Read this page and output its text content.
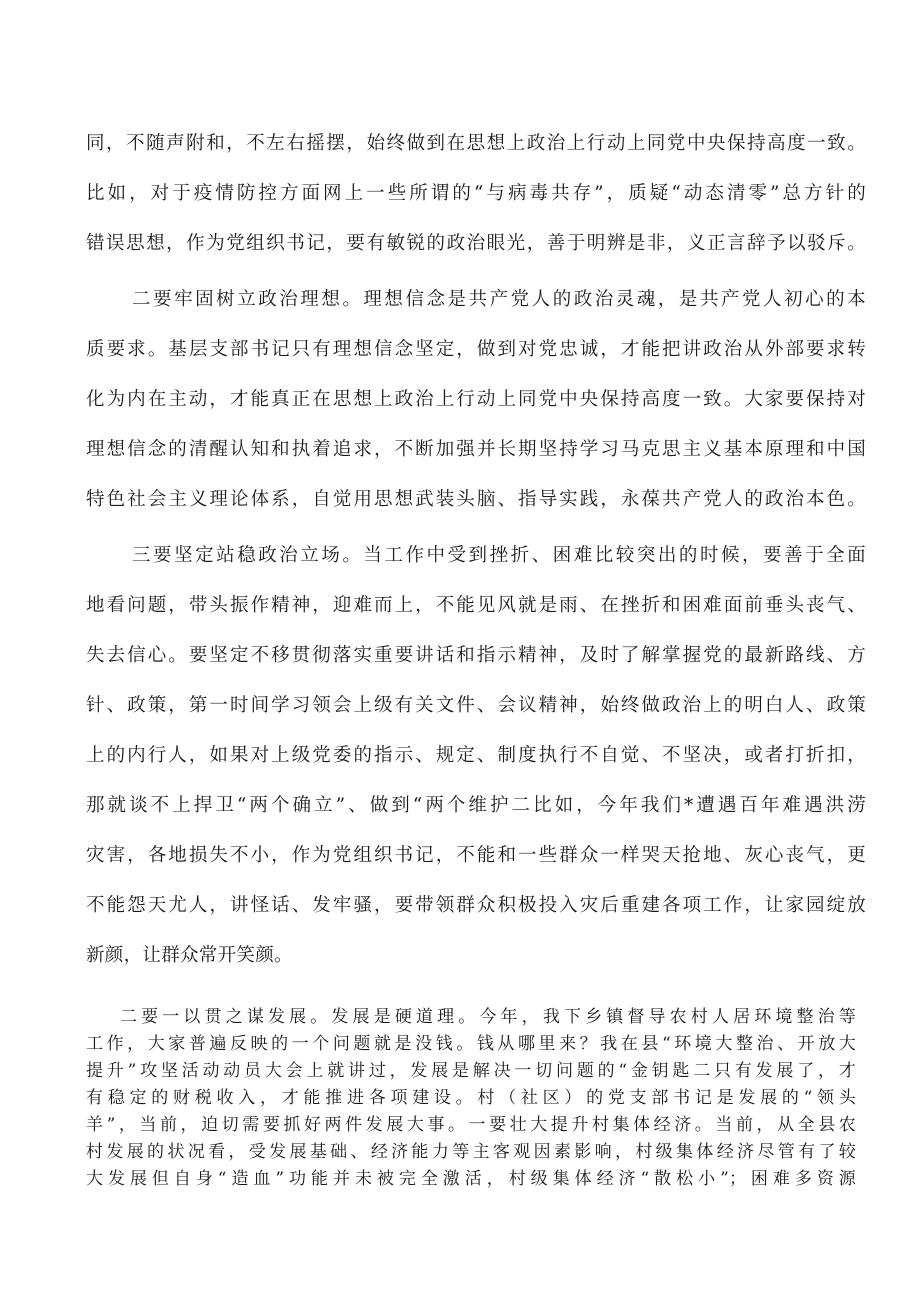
同，不随声附和，不左右摇摆，始终做到在思想上政治上行动上同党中央保持高度一致。
比如，对于疫情防控方面网上一些所谓的“与病毒共存”，质疑“动态清零”总方针的
错误思想，作为党组织书记，要有敏锐的政治眼光，善于明辨是非，义正言辞予以驳斥。
二要牢固树立政治理想。理想信念是共产党人的政治灵魂，是共产党人初心的本
质要求。基层支部书记只有理想信念坚定，做到对党忠诚，才能把讲政治从外部要求转
化为内在主动，才能真正在思想上政治上行动上同党中央保持高度一致。大家要保持对
理想信念的清醒认知和执着追求，不断加强并长期坚持学习马克思主义基本原理和中国
特色社会主义理论体系，自觉用思想武装头脑、指导实践，永葆共产党人的政治本色。
三要坚定站稳政治立场。当工作中受到挫折、困难比较突出的时候，要善于全面
地看问题，带头振作精神，迎难而上，不能见风就是雨、在挫折和困难面前垂头丧气、
失去信心。要坚定不移贯彻落实重要讲话和指示精神，及时了解掌握党的最新路线、方
针、政策，第一时间学习领会上级有关文件、会议精神，始终做政治上的明白人、政策
上的内行人，如果对上级党委的指示、规定、制度执行不自觉、不坚决，或者打折扣，
那就谈不上捍卫“两个确立”、做到“两个维护二比如，今年我们*遭遇百年难遇洪涝
灾害，各地损失不小，作为党组织书记，不能和一些群众一样哭天抢地、灰心丧气，更
不能怨天尤人，讲怪话、发牢骚，要带领群众积极投入灾后重建各项工作，让家园绽放
新颜，让群众常开笑颜。
二要一以贯之谋发展。发展是硬道理。今年，我下乡镇督导农村人居环境整治等
工作，大家普遍反映的一个问题就是没钱。钱从哪里来？我在县“环境大整治、开放大
提升”攻坚活动动员大会上就讲过，发展是解决一切问题的“金钥匙二只有发展了，才
有稳定的财税收入，才能推进各项建设。村（社区）的党支部书记是发展的“领头
羊”，当前，迫切需要抓好两件发展大事。一要壮大提升村集体经济。当前，从全县农
村发展的状况看，受发展基础、经济能力等主客观因素影响，村级集体经济尽管有了较
大发展但自身“造血”功能并未被完全激活，村级集体经济“散松小”；困难多资源
